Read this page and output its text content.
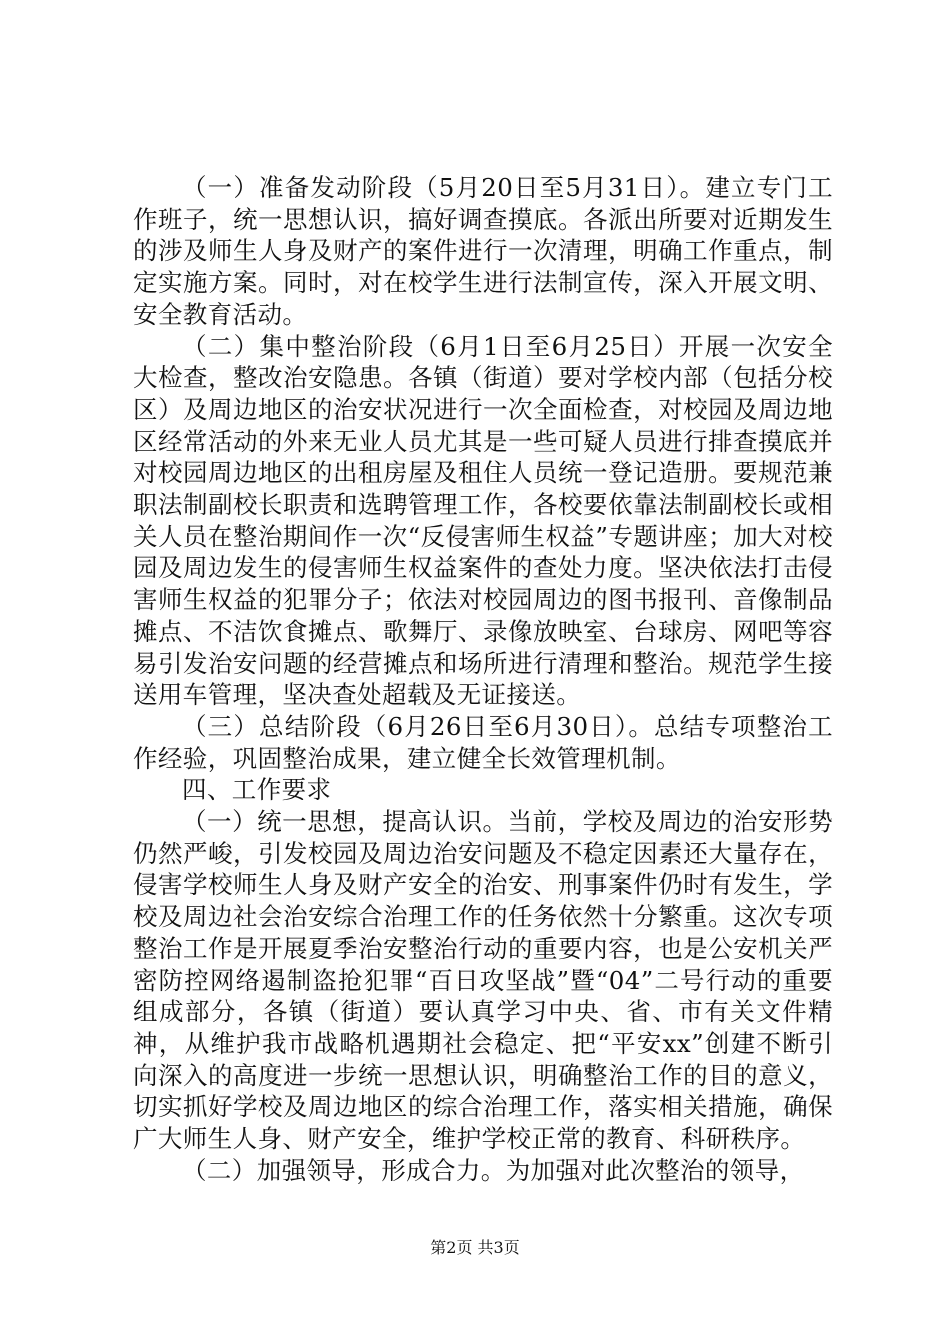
（一）准备发动阶段（5月20日至5月31日）。建立专门工作班子，统一思想认识，搞好调查摸底。各派出所要对近期发生的涉及师生人身及财产的案件进行一次清理，明确工作重点，制定实施方案。同时，对在校学生进行法制宣传，深入开展文明、安全教育活动。

（二）集中整治阶段（6月1日至6月25日）开展一次安全大检查，整改治安隐患。各镇（街道）要对学校内部（包括分校区）及周边地区的治安状况进行一次全面检查，对校园及周边地区经常活动的外来无业人员尤其是一些可疑人员进行排查摸底并对校园周边地区的出租房屋及租住人员统一登记造册。要规范兼职法制副校长职责和选聘管理工作，各校要依靠法制副校长或相关人员在整治期间作一次“反侵害师生权益”专题讲座；加大对校园及周边发生的侵害师生权益案件的查处力度。坚决依法打击侵害师生权益的犯罪分子；依法对校园周边的图书报刊、音像制品摊点、不洁饮食摊点、歌舞厅、录像放映室、台球房、网吧等容易引发治安问题的经营摊点和场所进行清理和整治。规范学生接送用车管理，坚决查处超载及无证接送。

（三）总结阶段（6月26日至6月30日）。总结专项整治工作经验，巩固整治成果，建立健全长效管理机制。

四、工作要求

（一）统一思想，提高认识。当前，学校及周边的治安形势仍然严峻，引发校园及周边治安问题及不稳定因素还大量存在，侵害学校师生人身及财产安全的治安、刑事案件仍时有发生，学校及周边社会治安综合治理工作的任务依然十分繁重。这次专项整治工作是开展夏季治安整治行动的重要内容，也是公安机关严密防控网络遏制盗抢犯罪“百日攻坚战”暨“04”二号行动的重要组成部分，各镇（街道）要认真学习中央、省、市有关文件精神，从维护我市战略机遇期社会稳定、把“平安xx”创建不断引向深入的高度进一步统一思想认识，明确整治工作的目的意义，切实抓好学校及周边地区的综合治理工作，落实相关措施，确保广大师生人身、财产安全，维护学校正常的教育、科研秩序。

（二）加强领导，形成合力。为加强对此次整治的领导，

第2页 共3页
